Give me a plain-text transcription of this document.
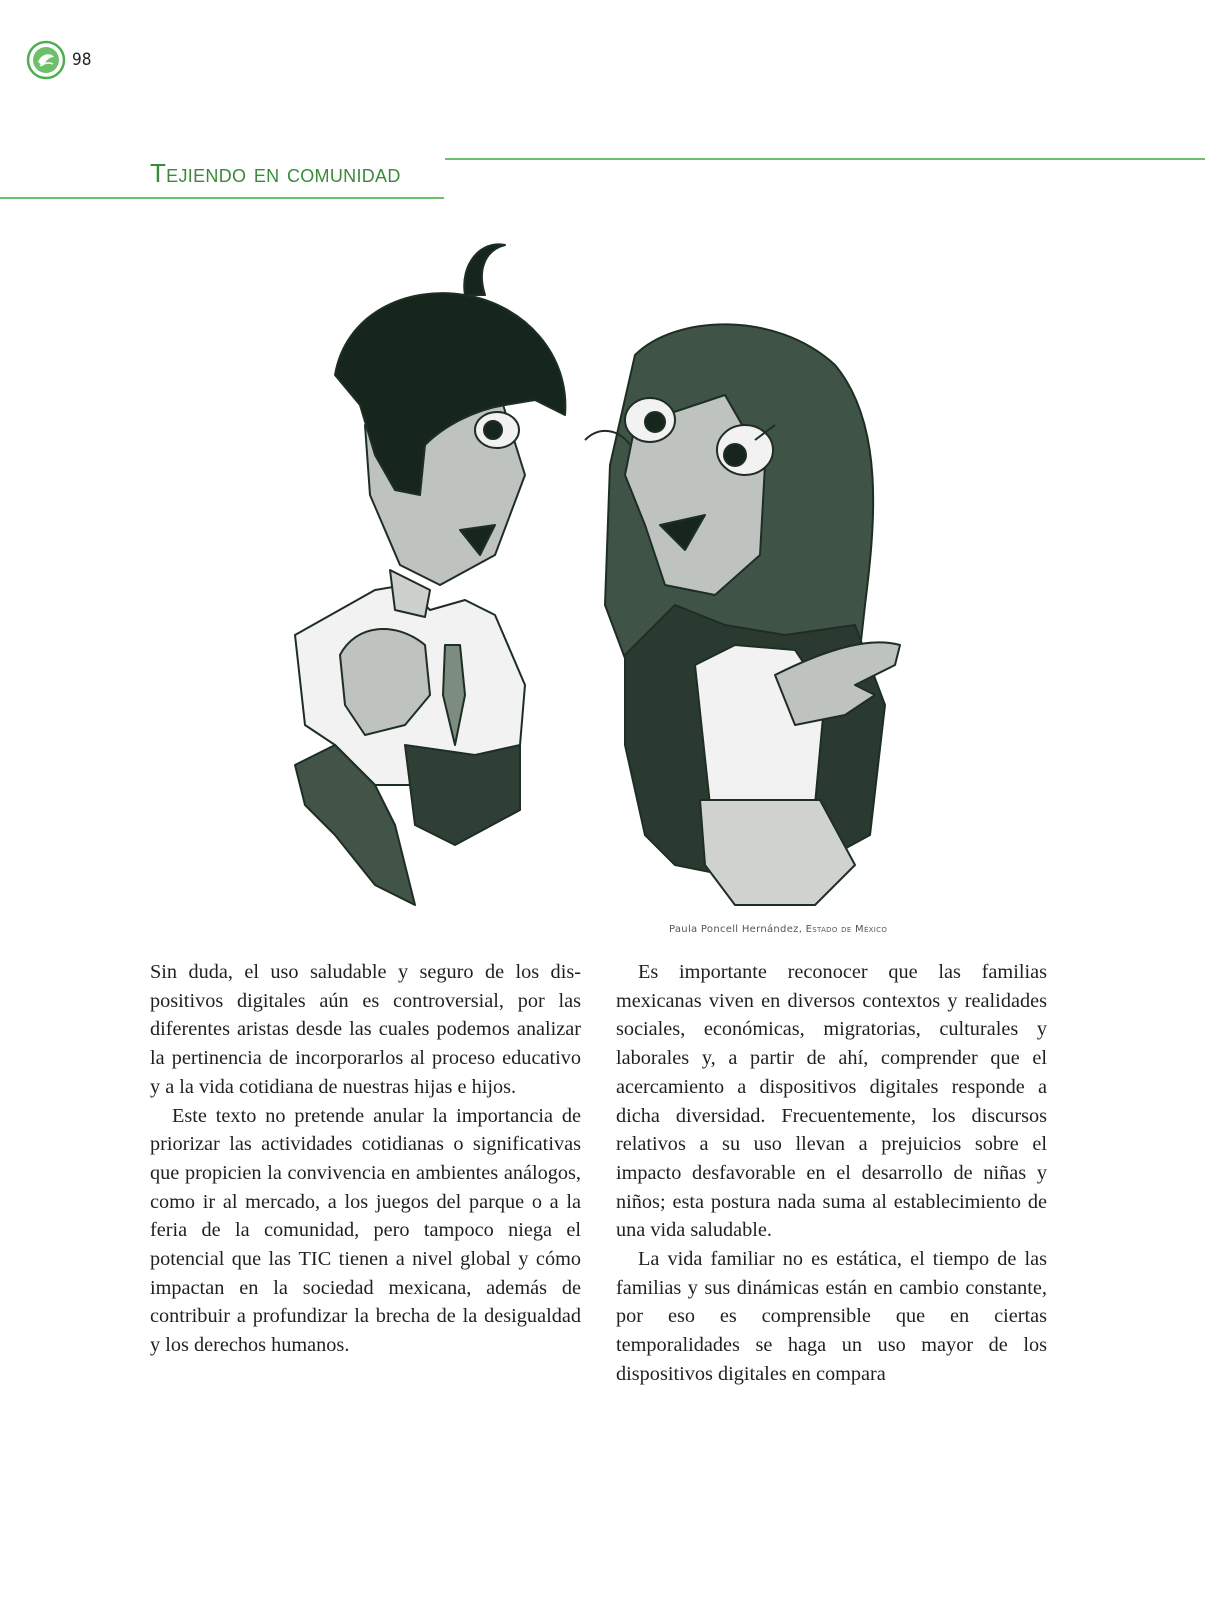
98
Tejiendo en comunidad
Paula Poncell Hernández, Estado de México

Sin duda, el uso saludable y seguro de los dispositivos digitales aún es controversial, por las diferentes aristas desde las cuales podemos analizar la pertinencia de incorporarlos al proceso educativo y a la vida cotidiana de nuestras hijas e hijos.

Este texto no pretende anular la importancia de priorizar las actividades cotidianas o significativas que propicien la convivencia en ambientes análogos, como ir al mercado, a los juegos del parque o a la feria de la comunidad, pero tampoco niega el potencial que las TIC tienen a nivel global y cómo impactan en la sociedad mexicana, además de contribuir a profundizar la brecha de la desigualdad y los derechos humanos.

Es importante reconocer que las familias mexicanas viven en diversos contextos y realidades sociales, económicas, migratorias, culturales y laborales y, a partir de ahí, comprender que el acercamiento a dispositivos digitales responde a dicha diversidad. Frecuentemente, los discursos relativos a su uso llevan a prejuicios sobre el impacto desfavorable en el desarrollo de niñas y niños; esta postura nada suma al establecimiento de una vida saludable.

La vida familiar no es estática, el tiempo de las familias y sus dinámicas están en cambio constante, por eso es comprensible que en ciertas temporalidades se haga un uso mayor de los dispositivos digitales en compara
